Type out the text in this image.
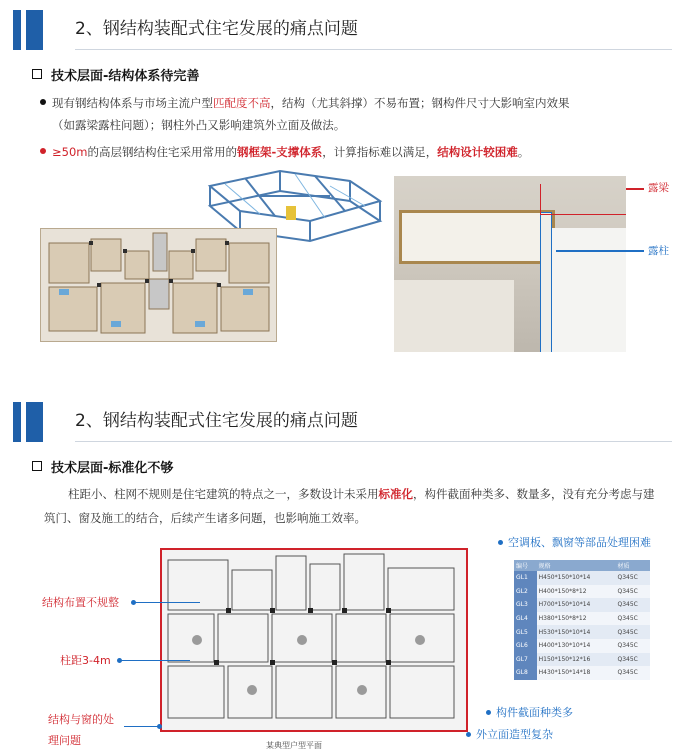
2、钢结构装配式住宅发展的痛点问题
技术层面-结构体系待完善
现有钢结构体系与市场主流户型匹配度不高，结构（尤其斜撑）不易布置；钢构件尺寸大影响室内效果
（如露梁露柱问题）；钢柱外凸又影响建筑外立面及做法。
≥50m的高层钢结构住宅采用常用的钢框架-支撑体系，计算指标难以满足，结构设计较困难。
露梁
露柱
2、钢结构装配式住宅发展的痛点问题
技术层面-标准化不够
柱距小、柱网不规则是住宅建筑的特点之一，多数设计未采用标准化，构件截面种类多、数量多，没有充分考虑与建筑门、窗及施工的结合，后续产生诸多问题，也影响施工效率。
某典型户型平面
结构布置不规整
柱距3-4m
结构与窗的处
理问题
空调板、飘窗等部品处理困难
构件截面种类多
外立面造型复杂
编号	规格	材质
GL1	H450*150*10*14	Q345C
GL2	H400*150*8*12	Q345C
GL3	H700*150*10*14	Q345C
GL4	H380*150*8*12	Q345C
GL5	H530*150*10*14	Q345C
GL6	H400*130*10*14	Q345C
GL7	H150*150*12*16	Q345C
GL8	H430*150*14*18	Q345C
